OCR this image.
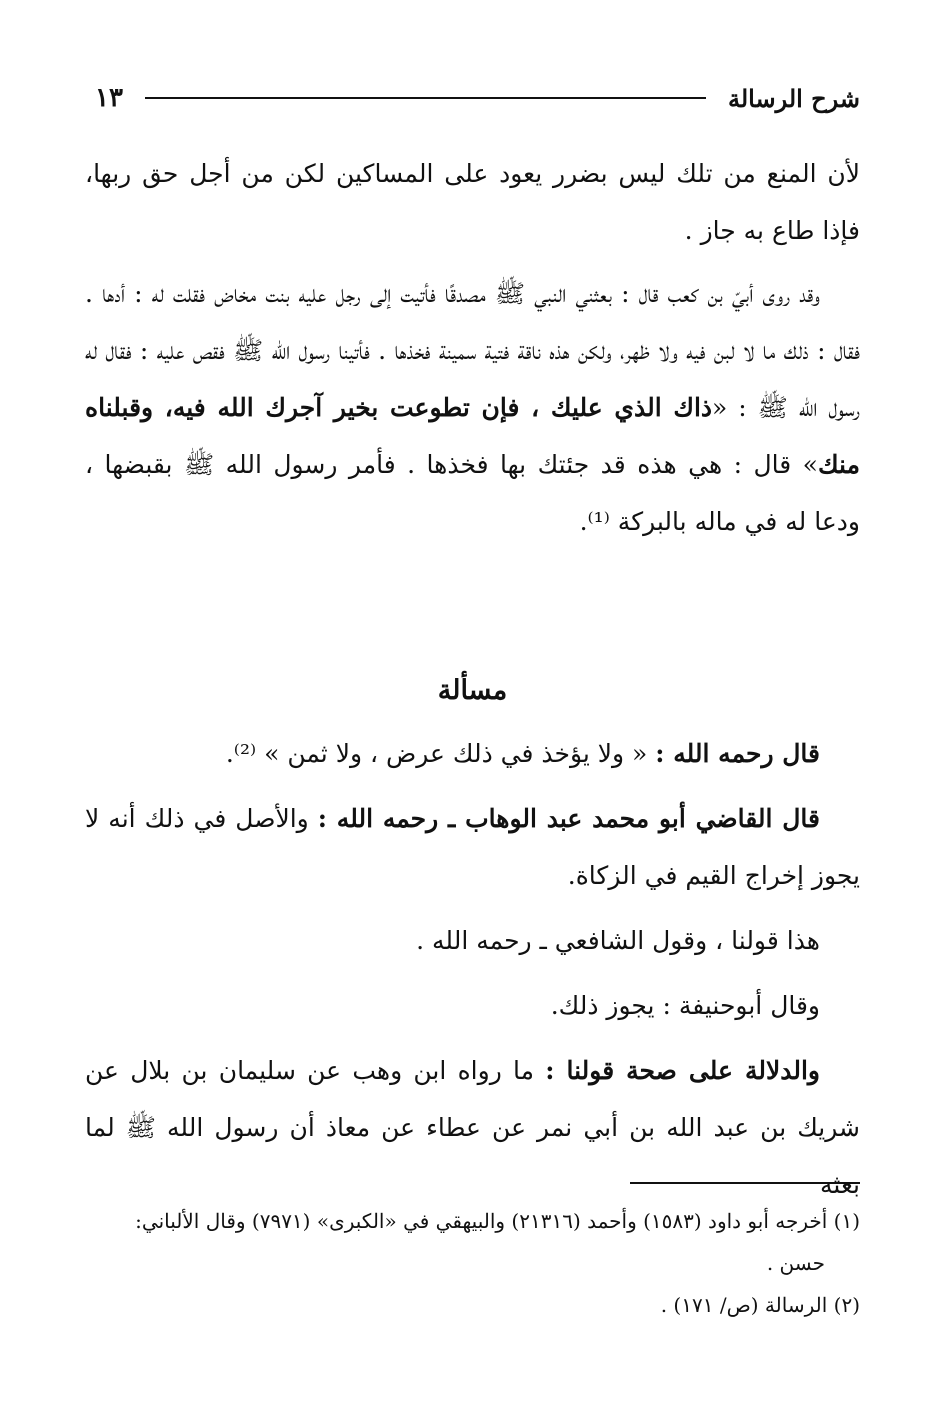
شرح الرسالة
١٣

لأن المنع من تلك ليس بضرر يعود على المساكين لكن من أجل حق ربها، فإذا طاع به جاز .

وقد روى أبيّ بن كعب قال : بعثني النبي ﷺ مصدقًا فأتيت إلى رجل عليه بنت مخاض فقلت له : أدها . فقال : ذلك ما لا لبن فيه ولا ظهر، ولكن هذه ناقة فتية سمينة فخذها . فأتينا رسول الله ﷺ فقص عليه : فقال له رسول الله ﷺ : «ذاك الذي عليك ، فإن تطوعت بخير آجرك الله فيه، وقبلناه منك» قال : هي هذه قد جئتك بها فخذها . فأمر رسول الله ﷺ بقبضها ، ودعا له في ماله بالبركة ⁽¹⁾.

مسألة

قال رحمه الله : « ولا يؤخذ في ذلك عرض ، ولا ثمن » ⁽²⁾.

قال القاضي أبو محمد عبد الوهاب ـ رحمه الله : والأصل في ذلك أنه لا يجوز إخراج القيم في الزكاة.

هذا قولنا ، وقول الشافعي ـ رحمه الله .

وقال أبوحنيفة : يجوز ذلك.

والدلالة على صحة قولنا : ما رواه ابن وهب عن سليمان بن بلال عن شريك بن عبد الله بن أبي نمر عن عطاء عن معاذ أن رسول الله ﷺ لما بعثه

(١) أخرجه أبو داود (١٥٨٣) وأحمد (٢١٣١٦) والبيهقي في «الكبرى» (٧٩٧١) وقال الألباني:

حسن .

(٢) الرسالة (ص/ ١٧١) .
